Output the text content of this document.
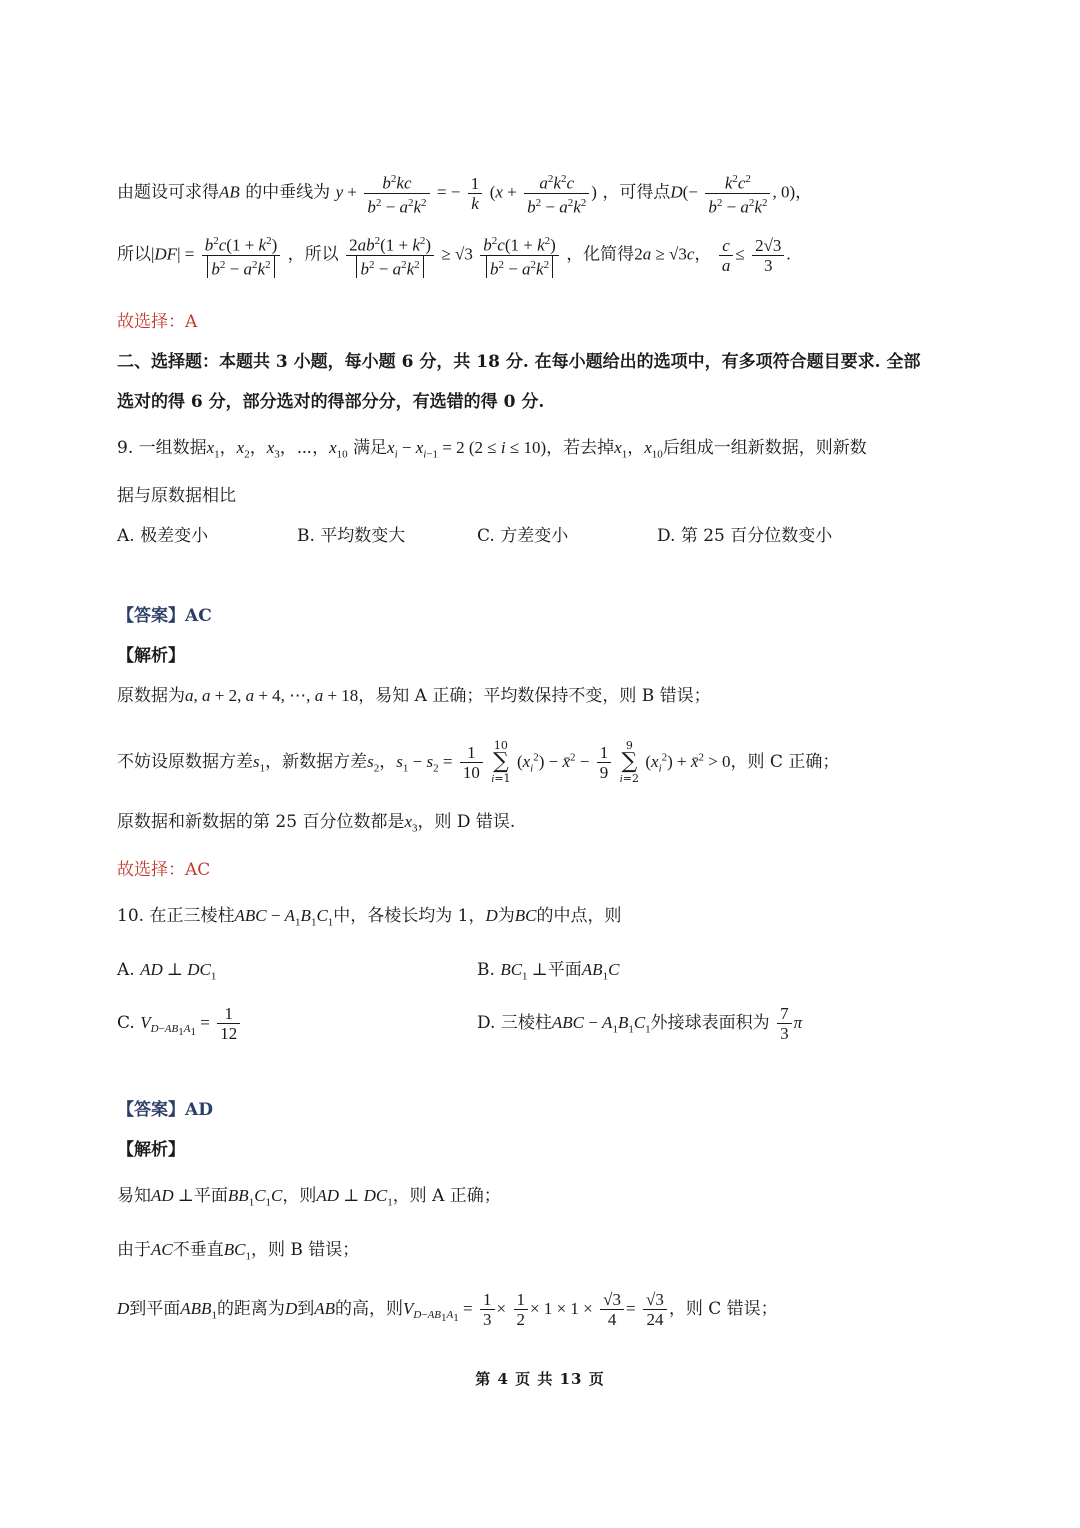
由题设可求得AB 的中垂线为 $y + \frac{b^2kc}{b^2 - a^2k^2}$ = − $\frac{1}{k} (x + \frac{a^2k^2c}{b^2 - a^2k^2}$ ) ，可得点$D(- \frac{k^2c^2}{b^2 - a^2k^2}$ , 0)，
所以$|DF| = \frac{b^2c(1 + k^2)}{b^2 - a^2k^2}$ ，所以 $\frac{2ab^2(1 + k^2)}{b^2 - a^2k^2} \ge √3 \frac{b^2c(1 + k^2)}{b^2 - a^2k^2}$ ，化简得2a ≥ √3c， $\frac{c}{a} \le \frac{2√3}{3}$ .
故选择：A
二、选择题：本题共 3 小题，每小题 6 分，共 18 分. 在每小题给出的选项中，有多项符合题目要求. 全部
选对的得 6 分，部分选对的得部分分，有选错的得 0 分.
9. 一组数据$x_1$，$x_2$，$x_3$，⋯，$x_{10}$ 满足$x_i - x_{i-1} = 2$ (2 ≤ i ≤ 10)，若去掉$x_1$，$x_{10}$后组成一组新数据，则新数
据与原数据相比
A. 极差变小	B. 平均数变大	C. 方差变小	D. 第 25 百分位数变小
【答案】AC
【解析】
原数据为a, a + 2, a + 4, ⋯, a + 18，易知 A 正确；平均数保持不变，则 B 错误；
不妨设原数据方差$s_1$，新数据方差$s_2$，$s_1 - s_2 = \frac{1}{10} 10$
∑
i=1 $(x_i^2)$ − x̄$^2$ − $\frac{1}{9} 9$
∑
i=2 $(x_i^2)$ + x̄$^2$ > 0，则 C 正确；
原数据和新数据的第 25 百分位数都是$x_3$，则 D 错误.
故选择：AC
10. 在正三棱柱ABC − $A_1B_1C_1$中，各棱长均为 1，D为BC的中点，则
A. AD ⊥ $DC_1$	B. $BC_1$ ⊥平面$AB_1C$
C. $V_{D-AB_1A_1} = \frac{1}{12}$	D. 三棱柱ABC − $A_1B_1C_1$外接球表面积为 $\frac{7}{3}$ π
【答案】AD
【解析】
易知AD ⊥平面$BB_1C_1C$，则AD ⊥ $DC_1$，则 A 正确；
由于AC不垂直$BC_1$，则 B 错误；
D到平面$ABB_1$的距离为D到AB的高，则$V_{D-AB_1A_1} = \frac{1}{3} \times \frac{1}{2} \times 1 \times 1 \times \frac{√3}{4} = \frac{√3}{24}$ ，则 C 错误；
第 4 页 共 13 页
